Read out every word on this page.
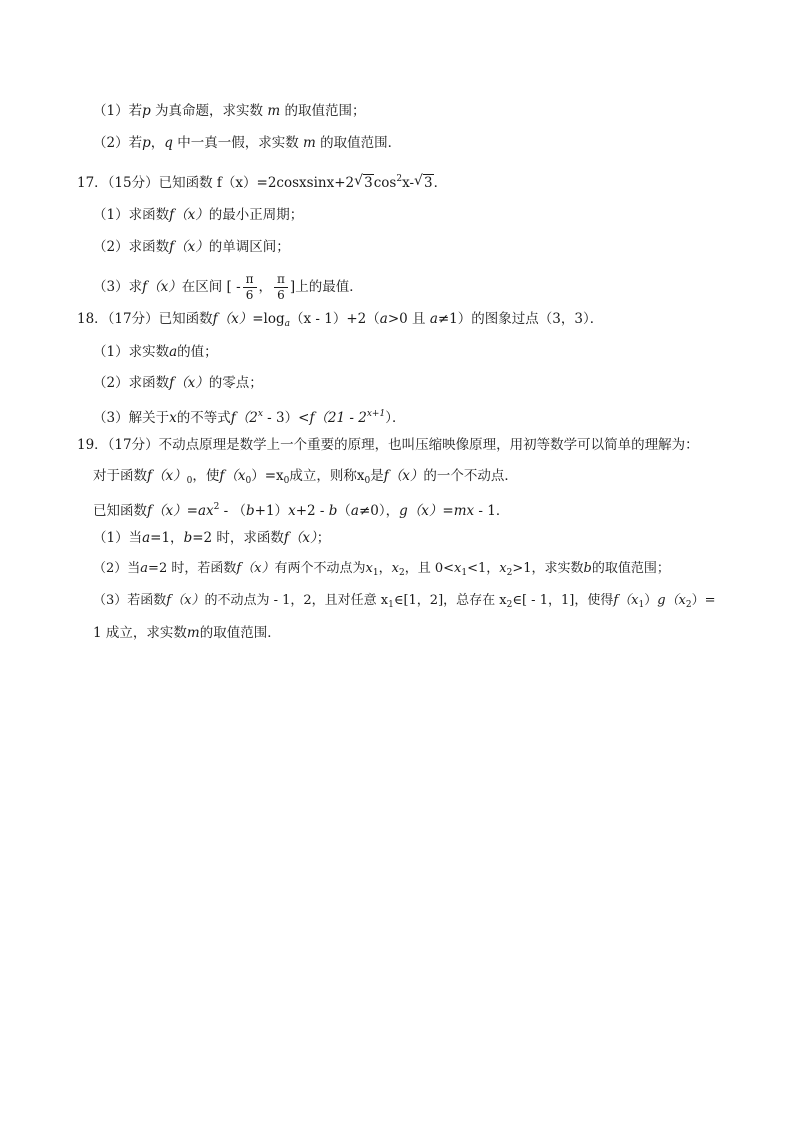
（1）若p 为真命题，求实数 m 的取值范围；
（2）若p，q 中一真一假，求实数 m 的取值范围．
17．（15分）已知函数 f（x）=2cosxsinx+2√ $3\cos^2x-√$ 3．
（1）求函数f（x）的最小正周期；
（2）求函数f（x）的单调区间；
（3）求f（x）在区间 [ - $\frac{\pi}{6}$ ， $\frac{\pi}{6}$ ]上的最值．
18．（17分）已知函数$f(x)=\log_a(x - 1)+2(a>0$ 且 a≠1）的图象过点（3，3）．
（1）求实数a的值；
（2）求函数f（x）的零点；
（3）解关于x的不等式$f(2^x - 3)<f(21 - 2^{x+1})$．
19．（17分）不动点原理是数学上一个重要的原理，也叫压缩映像原理，用初等数学可以简单的理解为：
对于函数$f(x)_0$，使$f(x_0)=x_0$成立，则称$x_0$是f（x）的一个不动点．
已知函数$f(x)=ax^2 - (b+1)x+2 - b(a\ne 0)$，g（x）=mx - 1．
（1）当a=1，b=2 时，求函数f（x）；
（2）当a=2 时，若函数f（x）有两个不动点为$x_1$，$x_2$，且 $0<x_1<1$，$x_2>1$，求实数b的取值范围；
（3）若函数f（x）的不动点为 - 1，2，且对任意 $x_1\in[1$，2]，总存在 $x_2\in[ - 1$，1]，使得$f(x_1)g(x_2)=$
1 成立，求实数m的取值范围．
